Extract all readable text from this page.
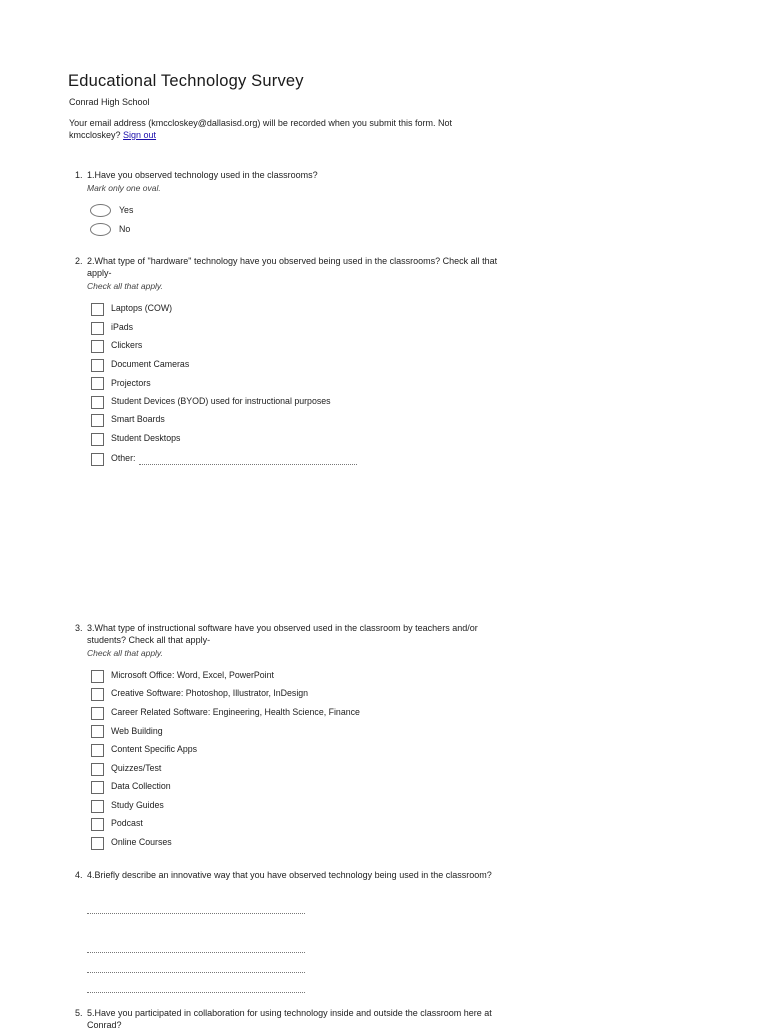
Educational Technology Survey
Conrad High School
Your email address (kmccloskey@dallasisd.org) will be recorded when you submit this form. Not kmccloskey? Sign out
1. 1.Have you observed technology used in the classrooms?
Mark only one oval.
Yes
No
2. 2.What type of "hardware" technology have you observed being used in the classrooms? Check all that apply-
Check all that apply.
Laptops (COW)
iPads
Clickers
Document Cameras
Projectors
Student Devices (BYOD) used for instructional purposes
Smart Boards
Student Desktops
Other:
3. 3.What type of instructional software have you observed used in the classroom by teachers and/or students? Check all that apply-
Check all that apply.
Microsoft Office: Word, Excel, PowerPoint
Creative Software: Photoshop, Illustrator, InDesign
Career Related Software: Engineering, Health Science, Finance
Web Building
Content Specific Apps
Quizzes/Test
Data Collection
Study Guides
Podcast
Online Courses
4. 4.Briefly describe an innovative way that you have observed technology being used in the classroom?
5. 5.Have you participated in collaboration for using technology inside and outside the classroom here at Conrad?
